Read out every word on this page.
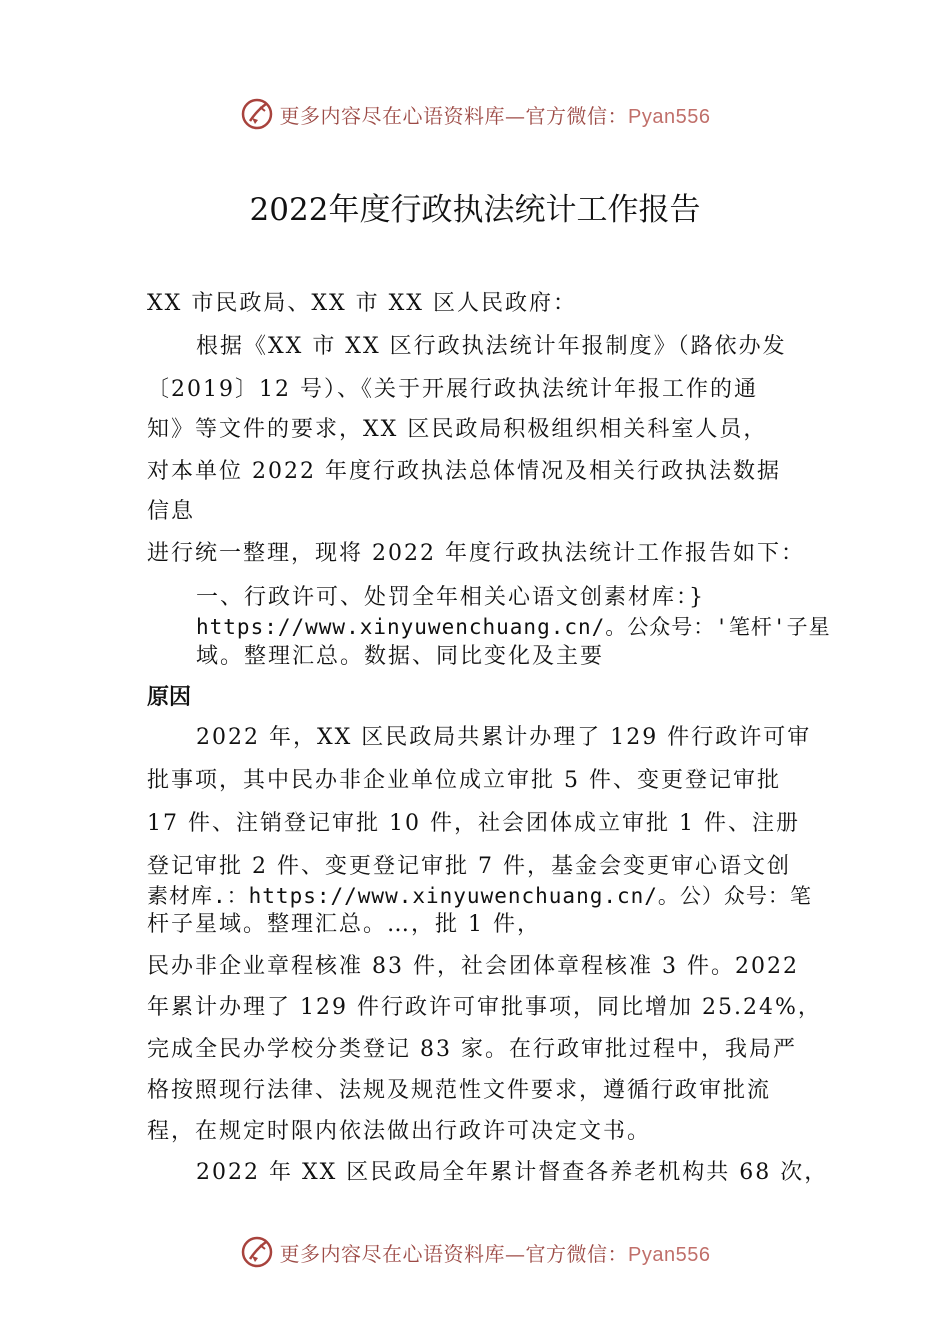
更多内容尽在心语资料库—官方微信：Pyan556
2022年度行政执法统计工作报告
XX 市民政局、XX 市 XX 区人民政府：
根据《XX 市 XX 区行政执法统计年报制度》（路依办发
〔2019〕12 号）、《关于开展行政执法统计年报工作的通
知》等文件的要求，XX 区民政局积极组织相关科室人员，
对本单位 2022 年度行政执法总体情况及相关行政执法数据
信息
进行统一整理，现将 2022 年度行政执法统计工作报告如下：
一、行政许可、处罚全年相关心语文创素材库：}
https://www.xinyuwenchuang.cn/。公众号：'笔杆'子星
域。整理汇总。数据、同比变化及主要
原因
2022 年，XX 区民政局共累计办理了 129 件行政许可审
批事项，其中民办非企业单位成立审批 5 件、变更登记审批
17 件、注销登记审批 10 件，社会团体成立审批 1 件、注册
登记审批 2 件、变更登记审批 7 件，基金会变更审心语文创
素材库.：https://www.xinyuwenchuang.cn/。公）众号：笔
杆子星域。整理汇总。…，批 1 件，
民办非企业章程核准 83 件，社会团体章程核准 3 件。2022
年累计办理了 129 件行政许可审批事项，同比增加 25.24%，
完成全民办学校分类登记 83 家。在行政审批过程中，我局严
格按照现行法律、法规及规范性文件要求，遵循行政审批流
程，在规定时限内依法做出行政许可决定文书。
2022 年 XX 区民政局全年累计督查各养老机构共 68 次，
更多内容尽在心语资料库—官方微信：Pyan556
